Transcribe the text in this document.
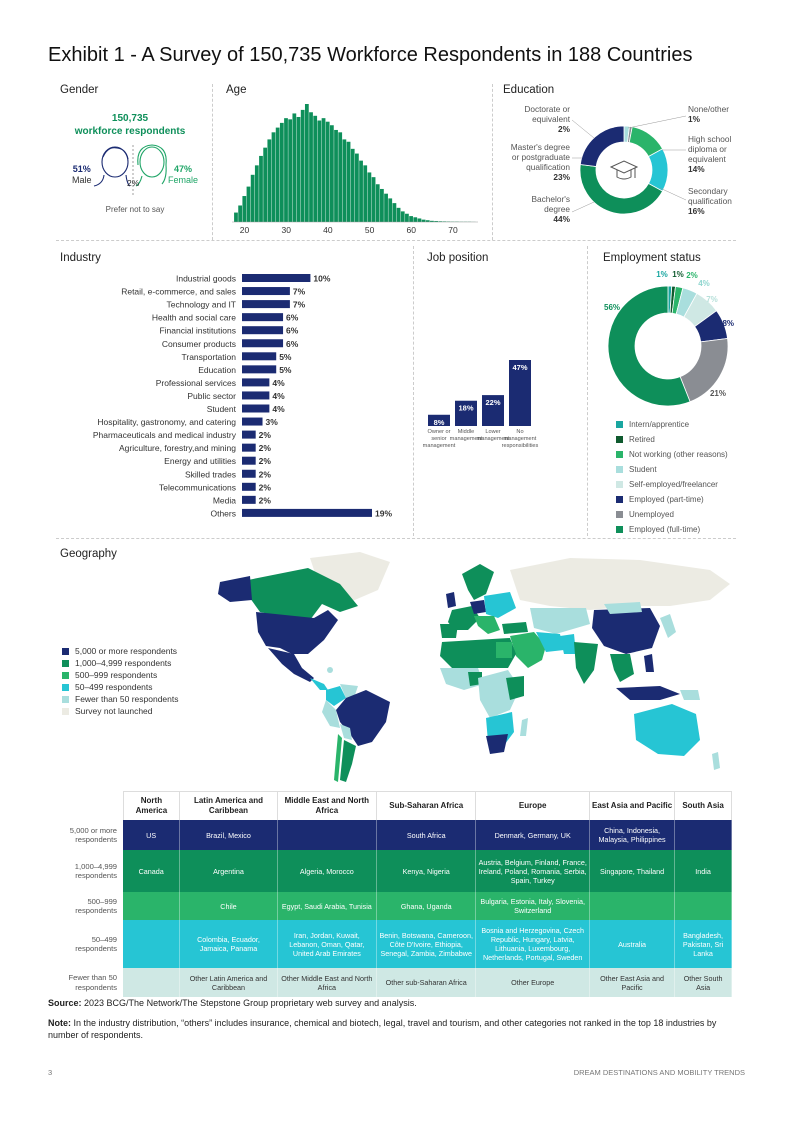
Exhibit 1 - A Survey of 150,735 Workforce Respondents in 188 Countries
Gender
150,735
workforce respondents
51%
Male
47%
Female
2%
Prefer not to say
Age
20	30	40	50	60	70
Education
Doctorate or
equivalent
2%
Master's degree
or postgraduate
qualification
23%
Bachelor's
degree
44%
None/other
1%
High school
diploma or
equivalent
14%
Secondary
qualification
16%
Industry
Industrial goods	10%
Retail, e-commerce, and sales	7%
Technology and IT	7%
Health and social care	6%
Financial institutions	6%
Consumer products	6%
Transportation	5%
Education	5%
Professional services	4%
Public sector	4%
Student	4%
Hospitality, gastronomy, and catering	3%
Pharmaceuticals and medical industry	2%
Agriculture, forestry,and mining	2%
Energy and utilities	2%
Skilled trades	2%
Telecommunications	2%
Media	2%
Others	19%
Job position
8%
Owner or
senior
management
18%
Middle
management
22%
Lower
management
47%
No
management
responsibilities
Employment status
1% 1% 2%
4%
7%
8%
21%
56%
Intern/apprentice
Retired
Not working (other reasons)
Student
Self-employed/freelancer
Employed (part-time)
Unemployed
Employed (full-time)
Geography
5,000 or more respondents
1,000–4,999 respondents
500–999 respondents
50–499 respondents
Fewer than 50 respondents
Survey not launched
	North America	Latin America and Caribbean	Middle East and North Africa	Sub-Saharan Africa	Europe	East Asia and Pacific	South Asia
5,000 or more respondents	US	Brazil, Mexico		South Africa	Denmark, Germany, UK	China, Indonesia, Malaysia, Philippines	
1,000–4,999 respondents	Canada	Argentina	Algeria, Morocco	Kenya, Nigeria	Austria, Belgium, Finland, France, Ireland, Poland, Romania, Serbia, Spain, Turkey	Singapore, Thailand	India
500–999 respondents		Chile	Egypt, Saudi Arabia, Tunisia	Ghana, Uganda	Bulgaria, Estonia, Italy, Slovenia, Switzerland		
50–499 respondents		Colombia, Ecuador, Jamaica, Panama	Iran, Jordan, Kuwait, Lebanon, Oman, Qatar, United Arab Emirates	Benin, Botswana, Cameroon, Côte D'Ivoire, Ethiopia, Senegal, Zambia, Zimbabwe	Bosnia and Herzegovina, Czech Republic, Hungary, Latvia, Lithuania, Luxembourg, Netherlands, Portugal, Sweden	Australia	Bangladesh, Pakistan, Sri Lanka
Fewer than 50 respondents		Other Latin America and Caribbean	Other Middle East and North Africa	Other sub-Saharan Africa	Other Europe	Other East Asia and Pacific	Other South Asia
Source: 2023 BCG/The Network/The Stepstone Group proprietary web survey and analysis.
Note: In the industry distribution, “others” includes insurance, chemical and biotech, legal, travel and tourism, and other categories not ranked in the top 18 industries by number of respondents.
3	DREAM DESTINATIONS AND MOBILITY TRENDS
